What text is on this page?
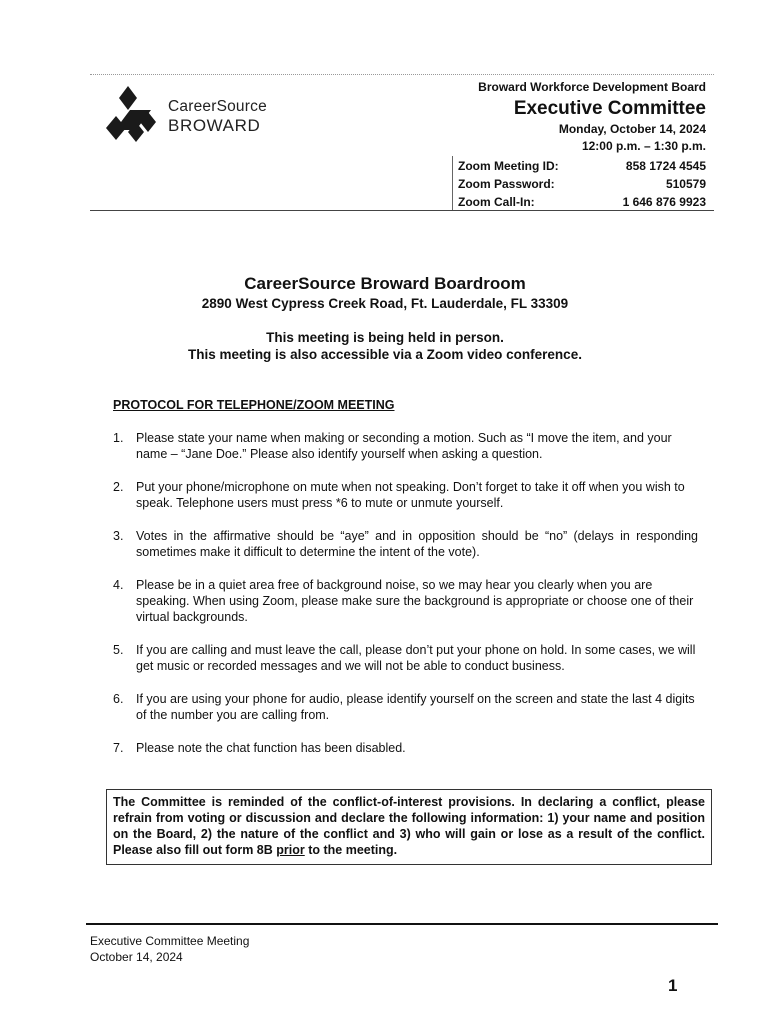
CareerSource
BROWARD
Broward Workforce Development Board
Executive Committee
Monday, October 14, 2024
12:00 p.m. – 1:30 p.m.
Zoom Meeting ID:	858 1724 4545
Zoom Password:	510579
Zoom Call-In:	1 646 876 9923
CareerSource Broward Boardroom
2890 West Cypress Creek Road, Ft. Lauderdale, FL 33309
This meeting is being held in person.
This meeting is also accessible via a Zoom video conference.
PROTOCOL FOR TELEPHONE/ZOOM MEETING
1. Please state your name when making or seconding a motion. Such as “I move the item, and your name – “Jane Doe.” Please also identify yourself when asking a question.
2. Put your phone/microphone on mute when not speaking. Don’t forget to take it off when you wish to speak. Telephone users must press *6 to mute or unmute yourself.
3. Votes in the affirmative should be “aye” and in opposition should be “no” (delays in responding sometimes make it difficult to determine the intent of the vote).
4. Please be in a quiet area free of background noise, so we may hear you clearly when you are speaking. When using Zoom, please make sure the background is appropriate or choose one of their virtual backgrounds.
5. If you are calling and must leave the call, please don’t put your phone on hold. In some cases, we will get music or recorded messages and we will not be able to conduct business.
6. If you are using your phone for audio, please identify yourself on the screen and state the last 4 digits of the number you are calling from.
7. Please note the chat function has been disabled.
The Committee is reminded of the conflict-of-interest provisions. In declaring a conflict, please refrain from voting or discussion and declare the following information: 1) your name and position on the Board, 2) the nature of the conflict and 3) who will gain or lose as a result of the conflict. Please also fill out form 8B prior to the meeting.
Executive Committee Meeting
October 14, 2024
1
